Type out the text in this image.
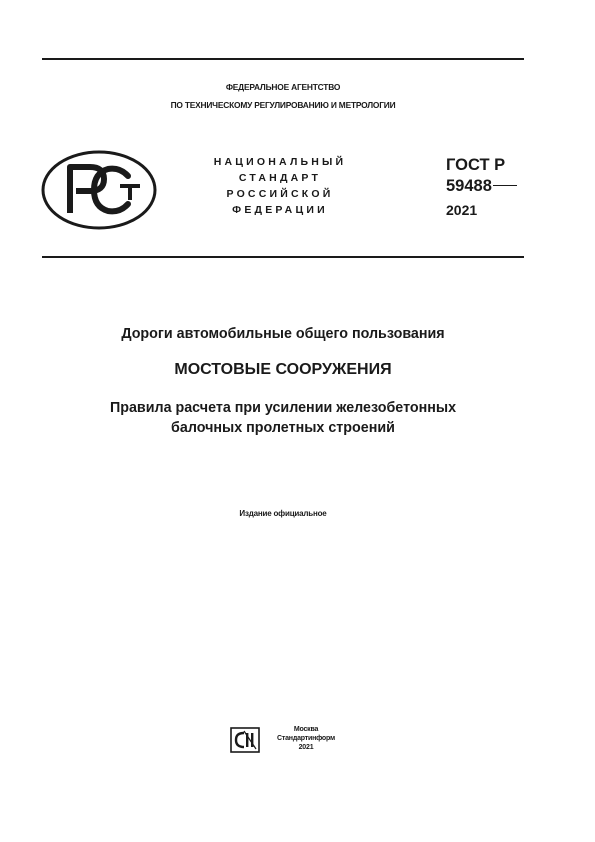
ФЕДЕРАЛЬНОЕ АГЕНТСТВО
ПО ТЕХНИЧЕСКОМУ РЕГУЛИРОВАНИЮ И МЕТРОЛОГИИ
НАЦИОНАЛЬНЫЙ
СТАНДАРТ
РОССИЙСКОЙ
ФЕДЕРАЦИИ
ГОСТ Р
59488
2021
Дороги автомобильные общего пользования
МОСТОВЫЕ СООРУЖЕНИЯ
Правила расчета при усилении железобетонных
балочных пролетных строений
Издание официальное
Москва
Стандартинформ
2021
